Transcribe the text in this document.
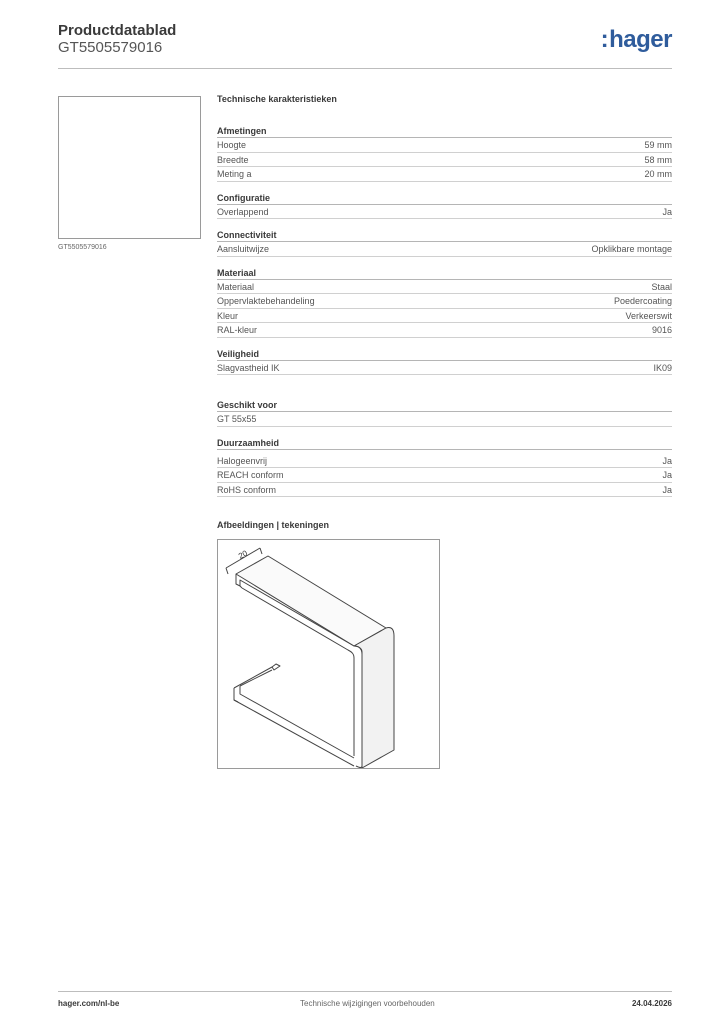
Productdatablad
GT5505579016	:hager
GT5505579016
Technische karakteristieken
Afmetingen
Hoogte	59 mm
Breedte	58 mm
Meting a	20 mm
Configuratie
Overlappend	Ja
Connectiviteit
Aansluitwijze	Opklikbare montage
Materiaal
Materiaal	Staal
Oppervlaktebehandeling	Poedercoating
Kleur	Verkeerswit
RAL-kleur	9016
Veiligheid
Slagvastheid IK	IK09
Geschikt voor
GT 55x55
Duurzaamheid
Halogeenvrij	Ja
REACH conform	Ja
RoHS conform	Ja
Afbeeldingen | tekeningen
20
hager.com/nl-be	Technische wijzigingen voorbehouden	24.04.2026
